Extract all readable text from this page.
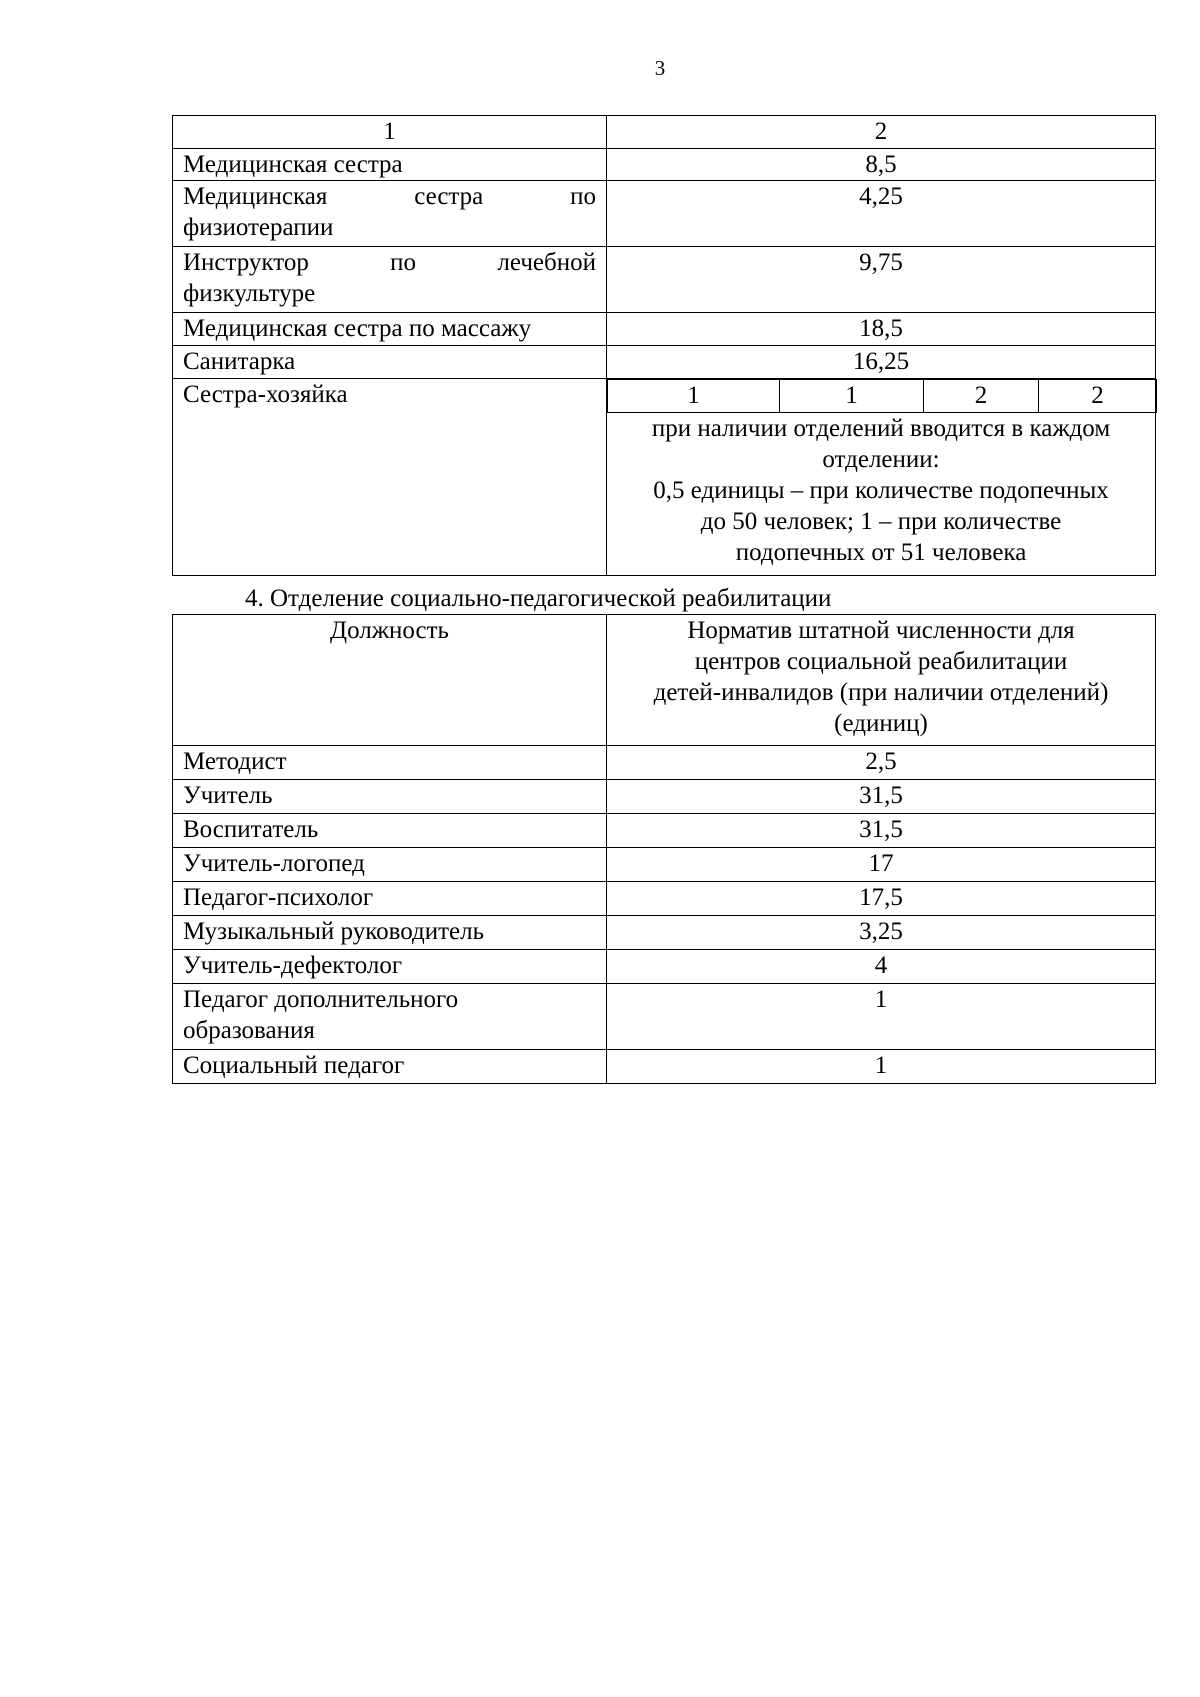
3
1	2
Медицинская сестра	8,5

Медицинская сестра по
физиотерапии
	4,25

Инструктор по лечебной
физкультуре
	9,75
Медицинская сестра по массажу	18,5
Санитарка	16,25
Сестра-хозяйка		1	1	2	2
при наличии отделений вводится в каждом
отделении:
0,5 единицы – при количестве подопечных
до 50 человек; 1 – при количестве
подопечных от 51 человека
4. Отделение социально-педагогической реабилитации
Должность	Норматив штатной численности для
центров социальной реабилитации
детей-инвалидов (при наличии отделений)
(единиц)

Методист	2,5
Учитель	31,5
Воспитатель	31,5
Учитель-логопед	17
Педагог-психолог	17,5
Музыкальный руководитель	3,25
Учитель-дефектолог	4

Педагог дополнительного
образования	1
Социальный педагог	1
